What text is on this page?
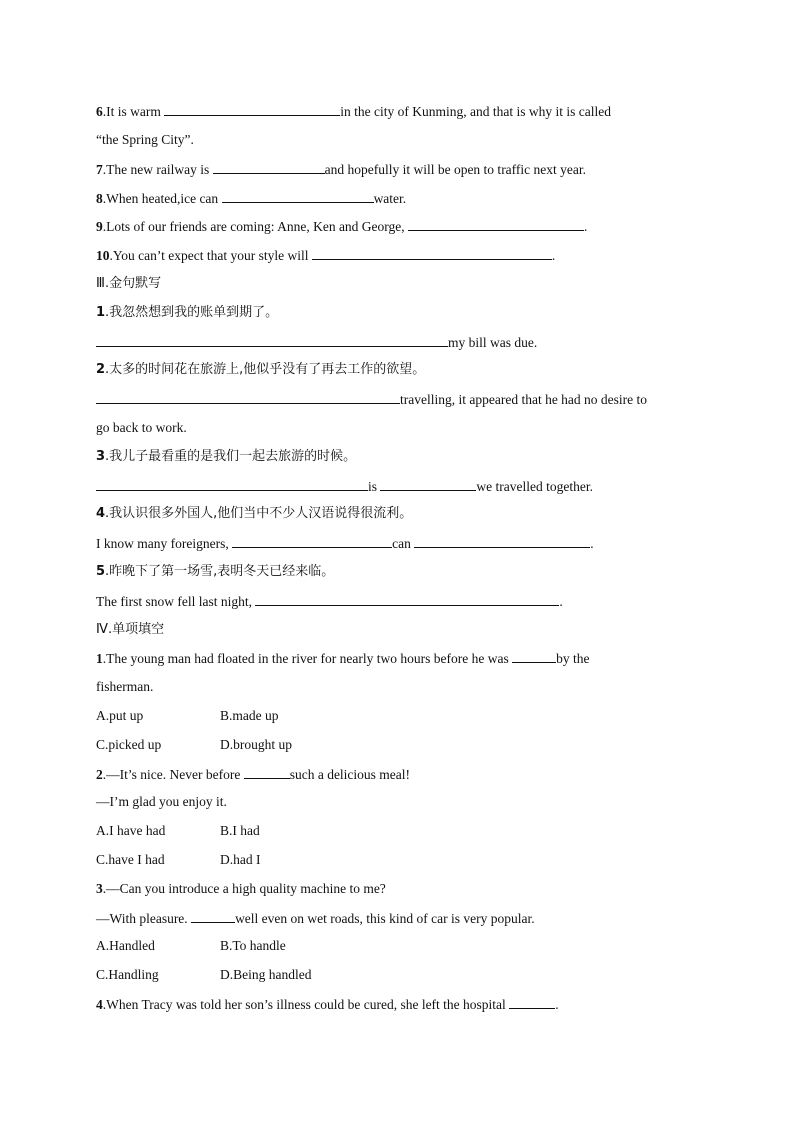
6.It is warm	in the city of Kunming, and that is why it is called
“the Spring City”.
7.The new railway is	and hopefully it will be open to traffic next year.
8.When heated,ice can	water.
9.Lots of our friends are coming: Anne, Ken and George,	.
10.You can’t expect that your style will	.
Ⅲ.金句默写
1.我忽然想到我的账单到期了。
my bill was due.
2.太多的时间花在旅游上,他似乎没有了再去工作的欲望。
travelling, it appeared that he had no desire to
go back to work.
3.我儿子最看重的是我们一起去旅游的时候。
is	we travelled together.
4.我认识很多外国人,他们当中不少人汉语说得很流利。
I know many foreigners,	can	.
5.昨晚下了第一场雪,表明冬天已经来临。
The first snow fell last night,	.
Ⅳ.单项填空
1.The young man had floated in the river for nearly two hours before he was	by the
fisherman.
A.put up	B.made up
C.picked up	D.brought up
2.—It’s nice. Never before	such a delicious meal!
—I’m glad you enjoy it.
A.I have had	B.I had
C.have I had	D.had I
3.—Can you introduce a high quality machine to me?
—With pleasure.	well even on wet roads, this kind of car is very popular.
A.Handled	B.To handle
C.Handling	D.Being handled
4.When Tracy was told her son’s illness could be cured, she left the hospital	.
